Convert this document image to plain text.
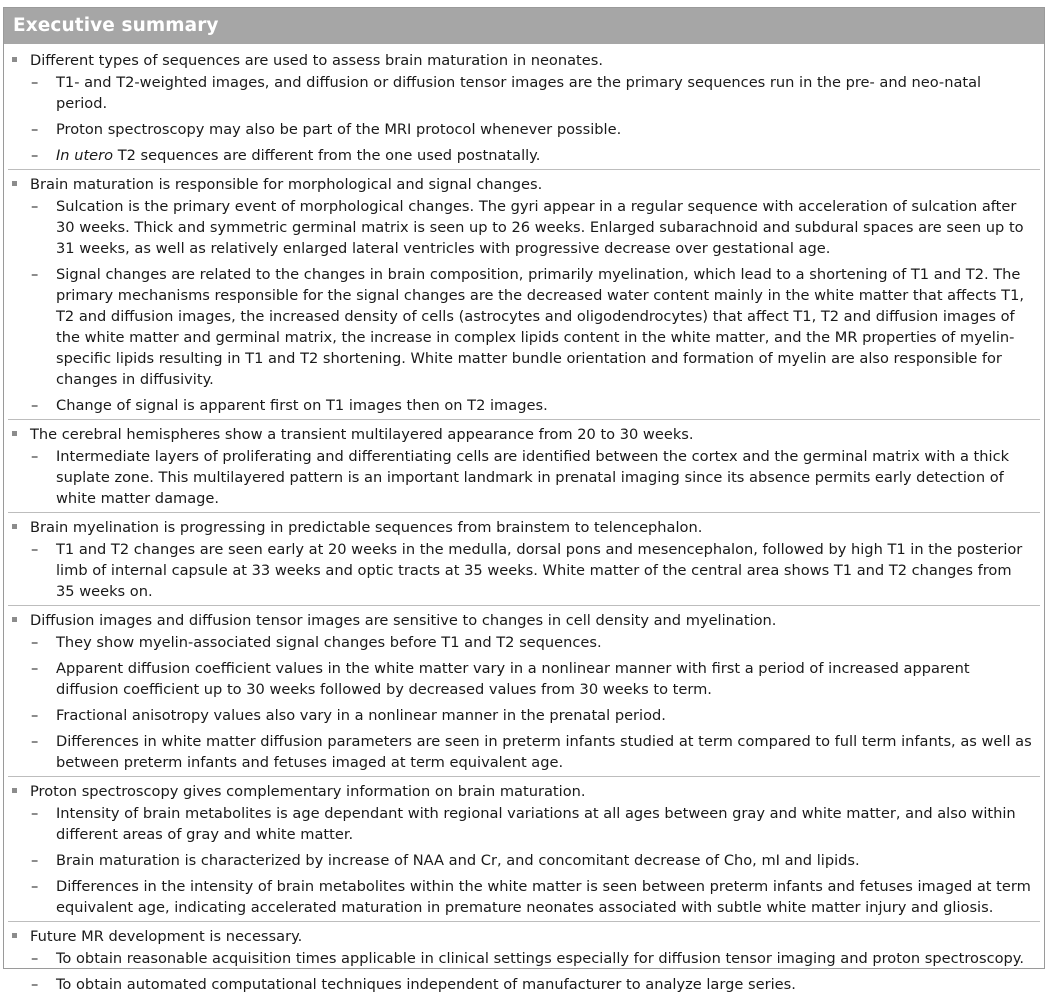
Executive summary
Different types of sequences are used to assess brain maturation in neonates.
– T1- and T2-weighted images, and diffusion or diffusion tensor images are the primary sequences run in the pre- and neo-natal period.
– Proton spectroscopy may also be part of the MRI protocol whenever possible.
– In utero T2 sequences are different from the one used postnatally.
Brain maturation is responsible for morphological and signal changes.
– Sulcation is the primary event of morphological changes. The gyri appear in a regular sequence with acceleration of sulcation after 30 weeks. Thick and symmetric germinal matrix is seen up to 26 weeks. Enlarged subarachnoid and subdural spaces are seen up to 31 weeks, as well as relatively enlarged lateral ventricles with progressive decrease over gestational age.
– Signal changes are related to the changes in brain composition, primarily myelination, which lead to a shortening of T1 and T2. The primary mechanisms responsible for the signal changes are the decreased water content mainly in the white matter that affects T1, T2 and diffusion images, the increased density of cells (astrocytes and oligodendrocytes) that affect T1, T2 and diffusion images of the white matter and germinal matrix, the increase in complex lipids content in the white matter, and the MR properties of myelin-specific lipids resulting in T1 and T2 shortening. White matter bundle orientation and formation of myelin are also responsible for changes in diffusivity.
– Change of signal is apparent first on T1 images then on T2 images.
The cerebral hemispheres show a transient multilayered appearance from 20 to 30 weeks.
– Intermediate layers of proliferating and differentiating cells are identified between the cortex and the germinal matrix with a thick suplate zone. This multilayered pattern is an important landmark in prenatal imaging since its absence permits early detection of white matter damage.
Brain myelination is progressing in predictable sequences from brainstem to telencephalon.
– T1 and T2 changes are seen early at 20 weeks in the medulla, dorsal pons and mesencephalon, followed by high T1 in the posterior limb of internal capsule at 33 weeks and optic tracts at 35 weeks. White matter of the central area shows T1 and T2 changes from 35 weeks on.
Diffusion images and diffusion tensor images are sensitive to changes in cell density and myelination.
– They show myelin-associated signal changes before T1 and T2 sequences.
– Apparent diffusion coefficient values in the white matter vary in a nonlinear manner with first a period of increased apparent diffusion coefficient up to 30 weeks followed by decreased values from 30 weeks to term.
– Fractional anisotropy values also vary in a nonlinear manner in the prenatal period.
– Differences in white matter diffusion parameters are seen in preterm infants studied at term compared to full term infants, as well as between preterm infants and fetuses imaged at term equivalent age.
Proton spectroscopy gives complementary information on brain maturation.
– Intensity of brain metabolites is age dependant with regional variations at all ages between gray and white matter, and also within different areas of gray and white matter.
– Brain maturation is characterized by increase of NAA and Cr, and concomitant decrease of Cho, mI and lipids.
– Differences in the intensity of brain metabolites within the white matter is seen between preterm infants and fetuses imaged at term equivalent age, indicating accelerated maturation in premature neonates associated with subtle white matter injury and gliosis.
Future MR development is necessary.
– To obtain reasonable acquisition times applicable in clinical settings especially for diffusion tensor imaging and proton spectroscopy.
– To obtain automated computational techniques independent of manufacturer to analyze large series.
